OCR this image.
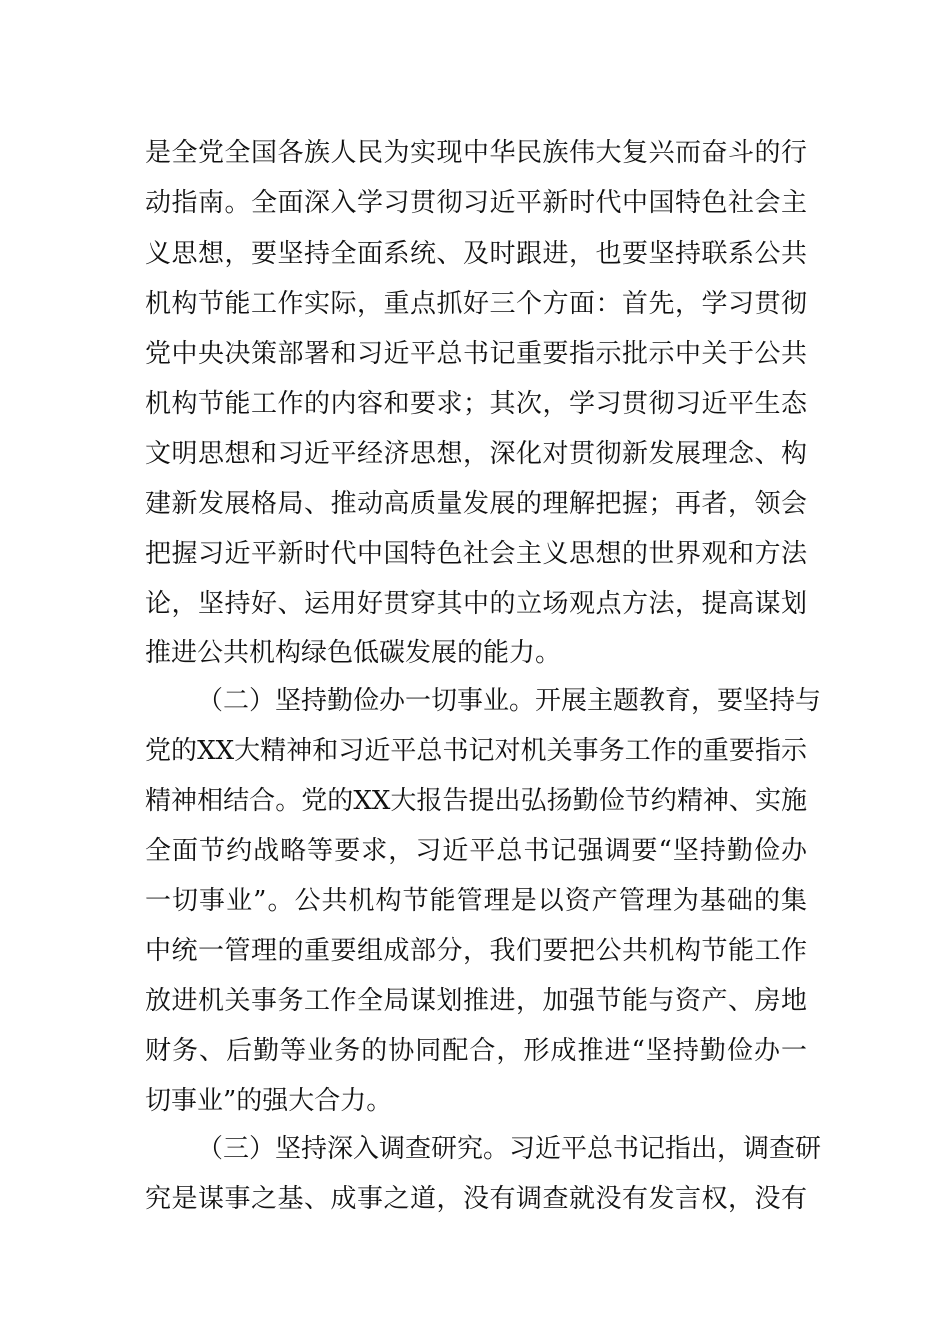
是全党全国各族人民为实现中华民族伟大复兴而奋斗的行
动指南。全面深入学习贯彻习近平新时代中国特色社会主
义思想，要坚持全面系统、及时跟进，也要坚持联系公共
机构节能工作实际，重点抓好三个方面：首先，学习贯彻
党中央决策部署和习近平总书记重要指示批示中关于公共
机构节能工作的内容和要求；其次，学习贯彻习近平生态
文明思想和习近平经济思想，深化对贯彻新发展理念、构
建新发展格局、推动高质量发展的理解把握；再者，领会
把握习近平新时代中国特色社会主义思想的世界观和方法
论，坚持好、运用好贯穿其中的立场观点方法，提高谋划
推进公共机构绿色低碳发展的能力。
（二）坚持勤俭办一切事业。开展主题教育，要坚持与
党的XX大精神和习近平总书记对机关事务工作的重要指示
精神相结合。党的XX大报告提出弘扬勤俭节约精神、实施
全面节约战略等要求，习近平总书记强调要“坚持勤俭办
一切事业”。公共机构节能管理是以资产管理为基础的集
中统一管理的重要组成部分，我们要把公共机构节能工作
放进机关事务工作全局谋划推进，加强节能与资产、房地
财务、后勤等业务的协同配合，形成推进“坚持勤俭办一
切事业”的强大合力。
（三）坚持深入调查研究。习近平总书记指出，调查研
究是谋事之基、成事之道，没有调查就没有发言权，没有
